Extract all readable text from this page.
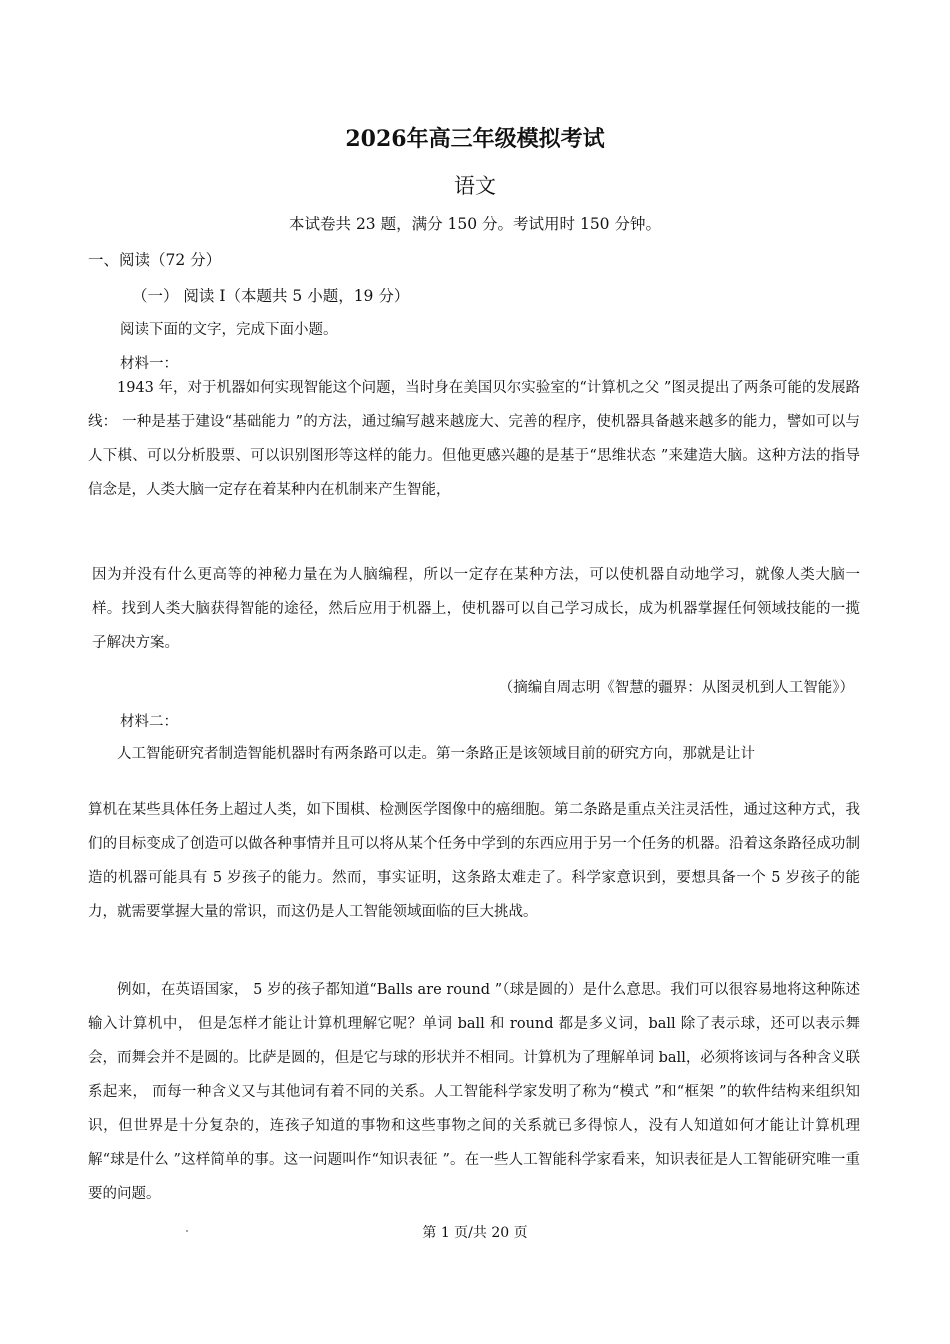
2026年高三年级模拟考试
语文
本试卷共 23 题，满分 150 分。考试用时 150 分钟。
一、阅读（72 分）
（一） 阅读 I（本题共 5 小题，19 分）
阅读下面的文字，完成下面小题。
材料一：

1943 年，对于机器如何实现智能这个问题，当时身在美国贝尔实验室的“计算机之父 ”图灵提出了两条可能的发展路线： 一种是基于建设“基础能力 ”的方法，通过编写越来越庞大、完善的程序，使机器具备越来越多的能力，譬如可以与人下棋、可以分析股票、可以识别图形等这样的能力。但他更感兴趣的是基于“思维状态 ”来建造大脑。这种方法的指导信念是，人类大脑一定存在着某种内在机制来产生智能，

因为并没有什么更高等的神秘力量在为人脑编程，所以一定存在某种方法，可以使机器自动地学习，就像人类大脑一样。找到人类大脑获得智能的途径，然后应用于机器上，使机器可以自己学习成长，成为机器掌握任何领域技能的一揽子解决方案。

（摘编自周志明《智慧的疆界：从图灵机到人工智能》）
材料二：

人工智能研究者制造智能机器时有两条路可以走。第一条路正是该领域目前的研究方向，那就是让计

算机在某些具体任务上超过人类，如下围棋、检测医学图像中的癌细胞。第二条路是重点关注灵活性，通过这种方式，我们的目标变成了创造可以做各种事情并且可以将从某个任务中学到的东西应用于另一个任务的机器。沿着这条路径成功制造的机器可能具有 5 岁孩子的能力。然而，事实证明，这条路太难走了。科学家意识到，要想具备一个 5 岁孩子的能力，就需要掌握大量的常识，而这仍是人工智能领域面临的巨大挑战。

例如，在英语国家， 5 岁的孩子都知道“Balls are round ”（球是圆的）是什么意思。我们可以很容易地将这种陈述输入计算机中， 但是怎样才能让计算机理解它呢？单词 ball 和 round 都是多义词，ball 除了表示球，还可以表示舞会，而舞会并不是圆的。比萨是圆的，但是它与球的形状并不相同。计算机为了理解单词 ball，必须将该词与各种含义联系起来， 而每一种含义又与其他词有着不同的关系。人工智能科学家发明了称为“模式 ”和“框架 ”的软件结构来组织知识，但世界是十分复杂的，连孩子知道的事物和这些事物之间的关系就已多得惊人，没有人知道如何才能让计算机理解“球是什么 ”这样简单的事。这一问题叫作“知识表征 ”。在一些人工智能科学家看来，知识表征是人工智能研究唯一重要的问题。

第 1 页/共 20 页
